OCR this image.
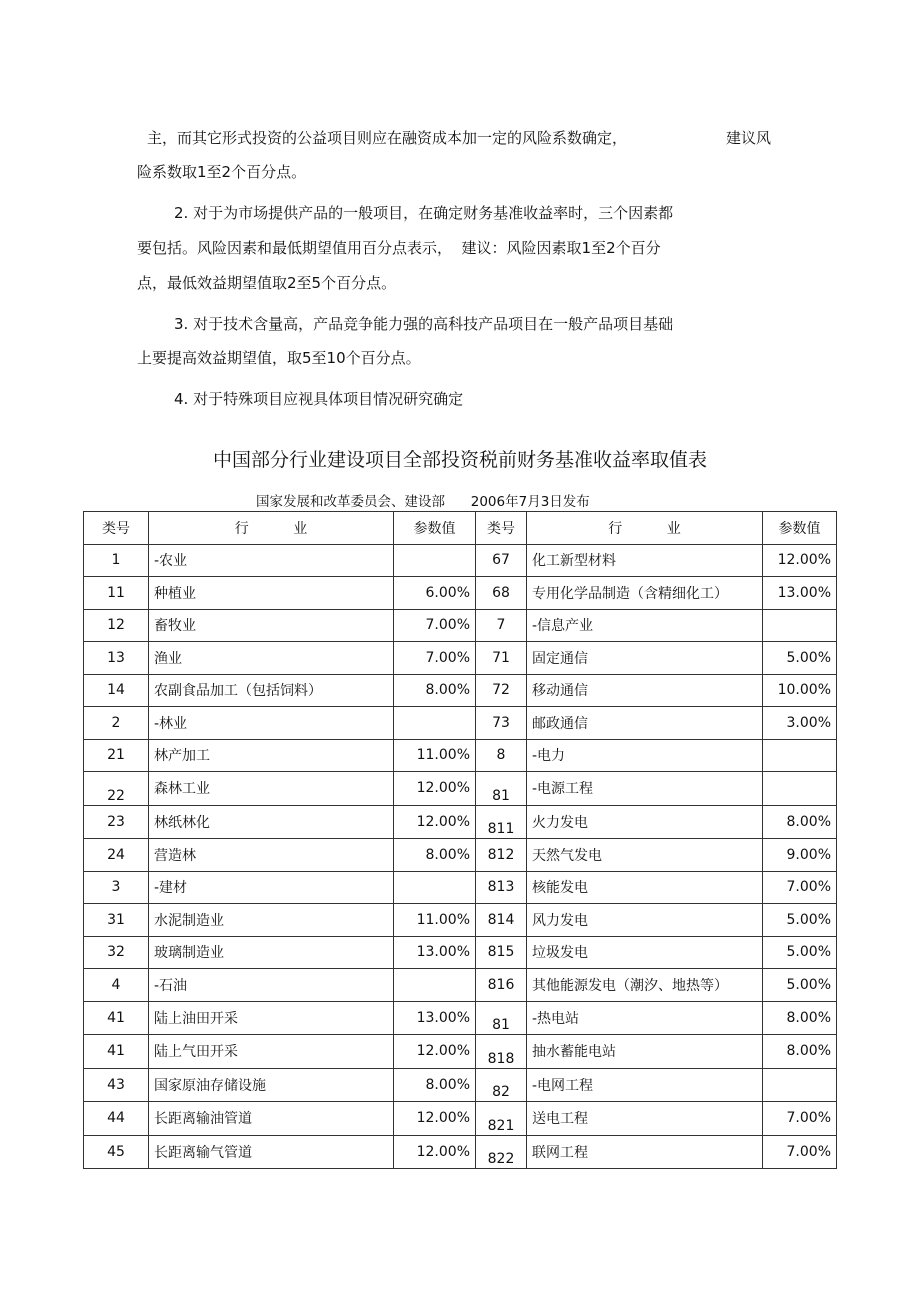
主，而其它形式投资的公益项目则应在融资成本加一定的风险系数确定，	建议风
险系数取1至2个百分点。
2. 对于为市场提供产品的一般项目，在确定财务基准收益率时，三个因素都
要包括。风险因素和最低期望值用百分点表示，  建议：风险因素取1至2个百分
点，最低效益期望值取2至5个百分点。
3. 对于技术含量高，产品竞争能力强的高科技产品项目在一般产品项目基础
上要提高效益期望值，取5至10个百分点。
4. 对于特殊项目应视具体项目情况研究确定
中国部分行业建设项目全部投资税前财务基准收益率取值表
国家发展和改革委员会、建设部      2006年7月3日发布
类号	行          业	参数值	类号	行          业	参数值
1	-农业		67	化工新型材料	12.00%
11	种植业	6.00%	68	专用化学品制造（含精细化工）	13.00%
12	畜牧业	7.00%	7	-信息产业	
13	渔业	7.00%	71	固定通信	5.00%
14	农副食品加工（包括饲料）	8.00%	72	移动通信	10.00%
2	-林业		73	邮政通信	3.00%
21	林产加工	11.00%	8	-电力	
22	森林工业	12.00%	81	-电源工程	
23	林纸林化	12.00%	811	火力发电	8.00%
24	营造林	8.00%	812	天然气发电	9.00%
3	-建材		813	核能发电	7.00%
31	水泥制造业	11.00%	814	风力发电	5.00%
32	玻璃制造业	13.00%	815	垃圾发电	5.00%
4	-石油		816	其他能源发电（潮汐、地热等）	5.00%
41	陆上油田开采	13.00%	81	-热电站	8.00%
41	陆上气田开采	12.00%	818	抽水蓄能电站	8.00%
43	国家原油存储设施	8.00%	82	-电网工程	
44	长距离输油管道	12.00%	821	送电工程	7.00%
45	长距离输气管道	12.00%	822	联网工程	7.00%
